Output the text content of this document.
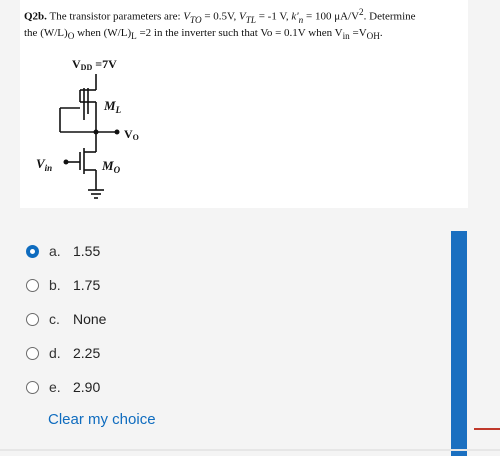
Q2b. The transistor parameters are: $V_{TO} = 0.5V$, $V_{TL} = -1$ V, $k'_n = 100$ $\mu A/V^2$. Determine
the $(W/L)_O$ when $(W/L)_L =2$ in the inverter such that Vo = 0.1V when $V_{in} =V_{OH}$.
VDD =7V
$M_L$
VO
$V_{in}$	$M_O$
a. 1.55
b. 1.75
c. None
d. 2.25
e. 2.90
Clear my choice
